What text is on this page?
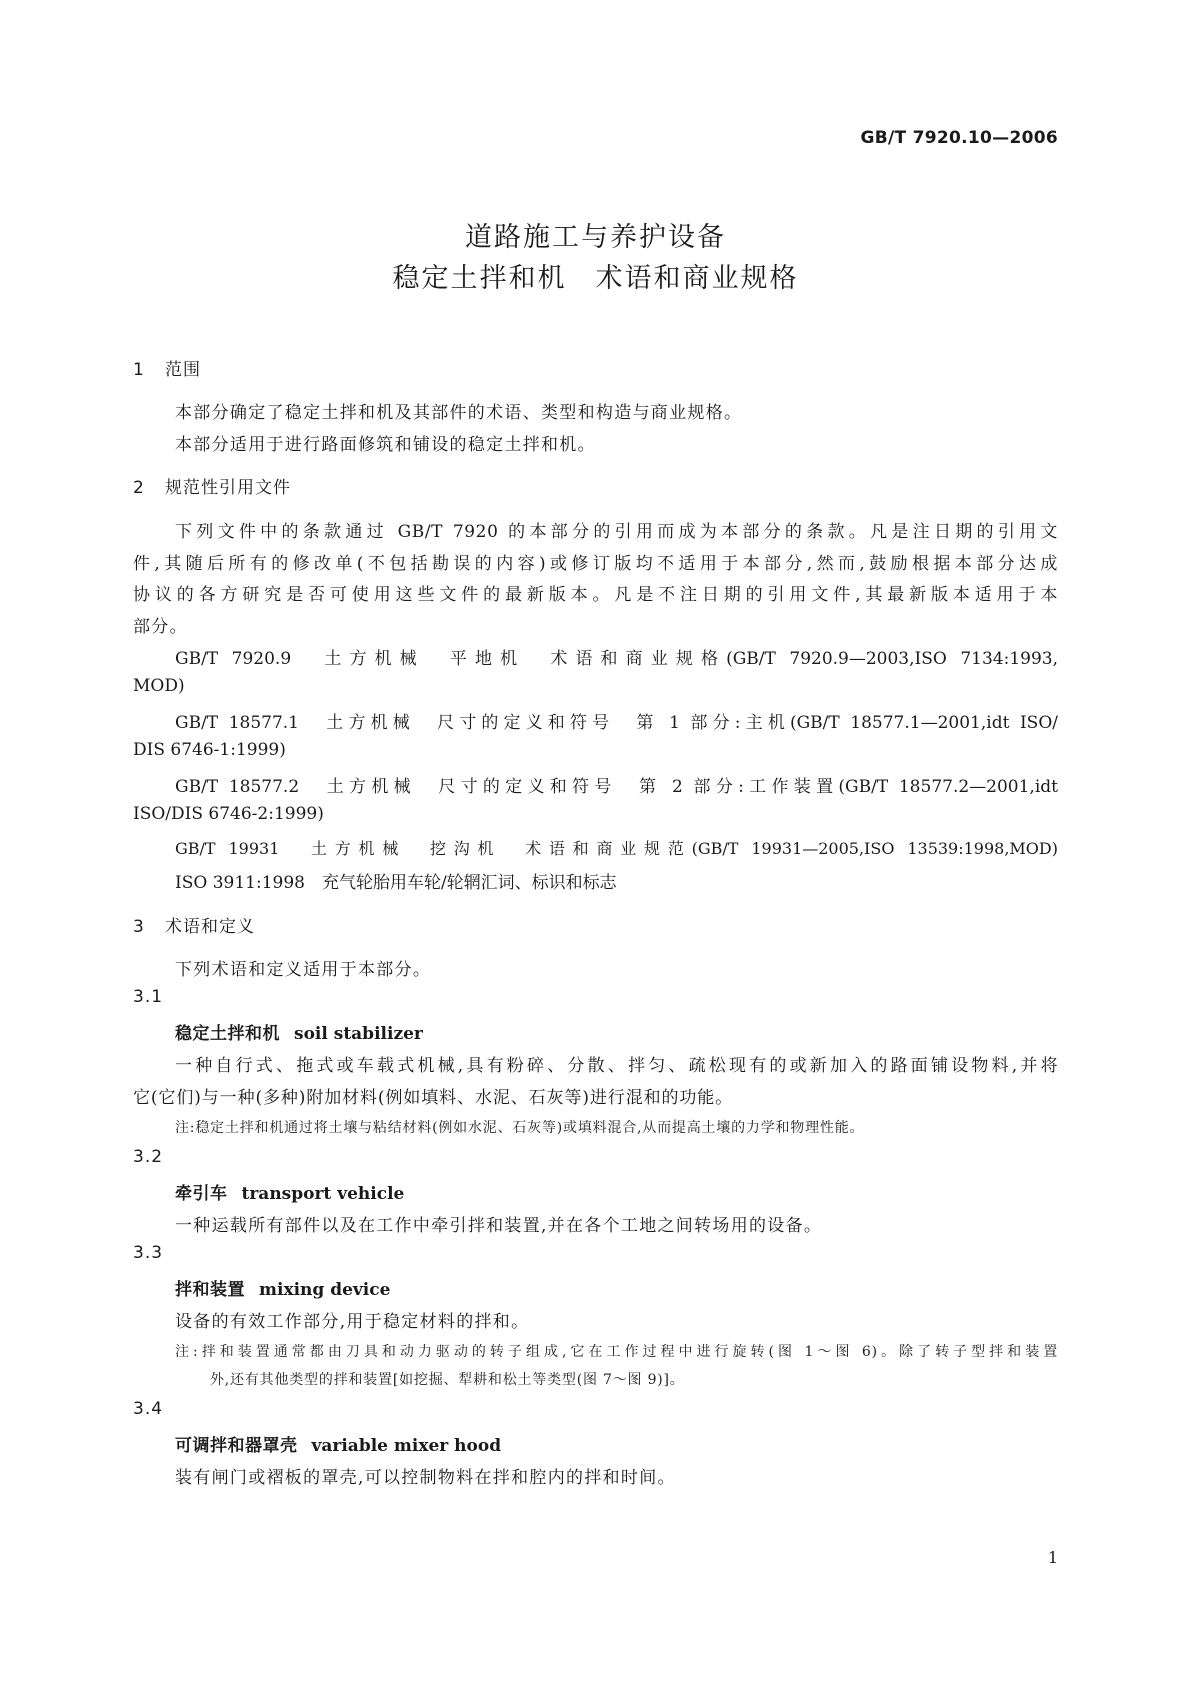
GB/T 7920.10—2006
道路施工与养护设备
稳定土拌和机　术语和商业规格
1 范围
本部分确定了稳定土拌和机及其部件的术语、类型和构造与商业规格。
本部分适用于进行路面修筑和铺设的稳定土拌和机。
2 规范性引用文件
下列文件中的条款通过 GB/T 7920 的本部分的引用而成为本部分的条款。凡是注日期的引用文
件,其随后所有的修改单(不包括勘误的内容)或修订版均不适用于本部分,然而,鼓励根据本部分达成
协议的各方研究是否可使用这些文件的最新版本。凡是不注日期的引用文件,其最新版本适用于本
部分。
GB/T 7920.9　土方机械　平地机　术语和商业规格(GB/T 7920.9—2003,ISO 7134:1993,
MOD)
GB/T 18577.1　土方机械　尺寸的定义和符号　第 1 部分:主机(GB/T 18577.1—2001,idt ISO/
DIS 6746-1:1999)
GB/T 18577.2　土方机械　尺寸的定义和符号　第 2 部分:工作装置(GB/T 18577.2—2001,idt
ISO/DIS 6746-2:1999)
GB/T 19931　土方机械　挖沟机　术语和商业规范(GB/T 19931—2005,ISO 13539:1998,MOD)
ISO 3911:1998　充气轮胎用车轮/轮辋汇词、标识和标志
3 术语和定义
下列术语和定义适用于本部分。
3.1
稳定土拌和机 soil stabilizer
一种自行式、拖式或车载式机械,具有粉碎、分散、拌匀、疏松现有的或新加入的路面铺设物料,并将
它(它们)与一种(多种)附加材料(例如填料、水泥、石灰等)进行混和的功能。
注:稳定土拌和机通过将土壤与粘结材料(例如水泥、石灰等)或填料混合,从而提高土壤的力学和物理性能。
3.2
牵引车 transport vehicle
一种运载所有部件以及在工作中牵引拌和装置,并在各个工地之间转场用的设备。
3.3
拌和装置 mixing device
设备的有效工作部分,用于稳定材料的拌和。
注:拌和装置通常都由刀具和动力驱动的转子组成,它在工作过程中进行旋转(图 1～图 6)。除了转子型拌和装置
外,还有其他类型的拌和装置[如挖掘、犁耕和松土等类型(图 7～图 9)]。
3.4
可调拌和器罩壳 variable mixer hood
装有闸门或褶板的罩壳,可以控制物料在拌和腔内的拌和时间。
1
